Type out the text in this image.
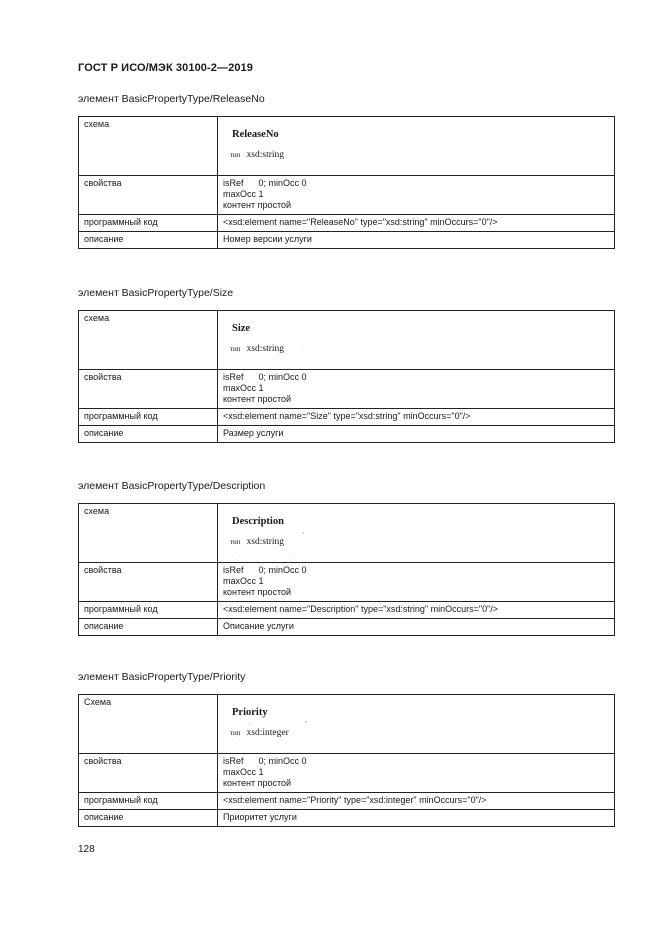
ГОСТ Р ИСО/МЭК 30100-2—2019
элемент BasicPropertyType/ReleaseNo
схема	ReleaseNo
тип xsd:string

свойства	isRef      0; minOcc 0
maxOcc 1
контент простой

программный код	<xsd:element name="ReleaseNo" type="xsd:string" minOccurs="0"/>
описание	Номер версии услуги
элемент BasicPropertyType/Size
схема	Size
тип xsd:string ·

свойства	isRef      0; minOcc 0
maxOcc 1
контент простой

программный код	<xsd:element name="Size" type="xsd:string" minOccurs="0"/>
описание	Размер услуги
элемент BasicPropertyType/Description
схема	Description
тип xsd:string
°
· ·

свойства	isRef      0; minOcc 0
maxOcc 1
контент простой

программный код	<xsd:element name="Description" type="xsd:string" minOccurs="0"/>
описание	Описание услуги
элемент BasicPropertyType/Priority
Схема	Priority
тип xsd:integer
°
·
·

свойства	isRef      0; minOcc 0
maxOcc 1
контент простой

программный код	<xsd:element name="Priority" type="xsd:integer" minOccurs="0"/>
описание	Приоритет услуги
128
